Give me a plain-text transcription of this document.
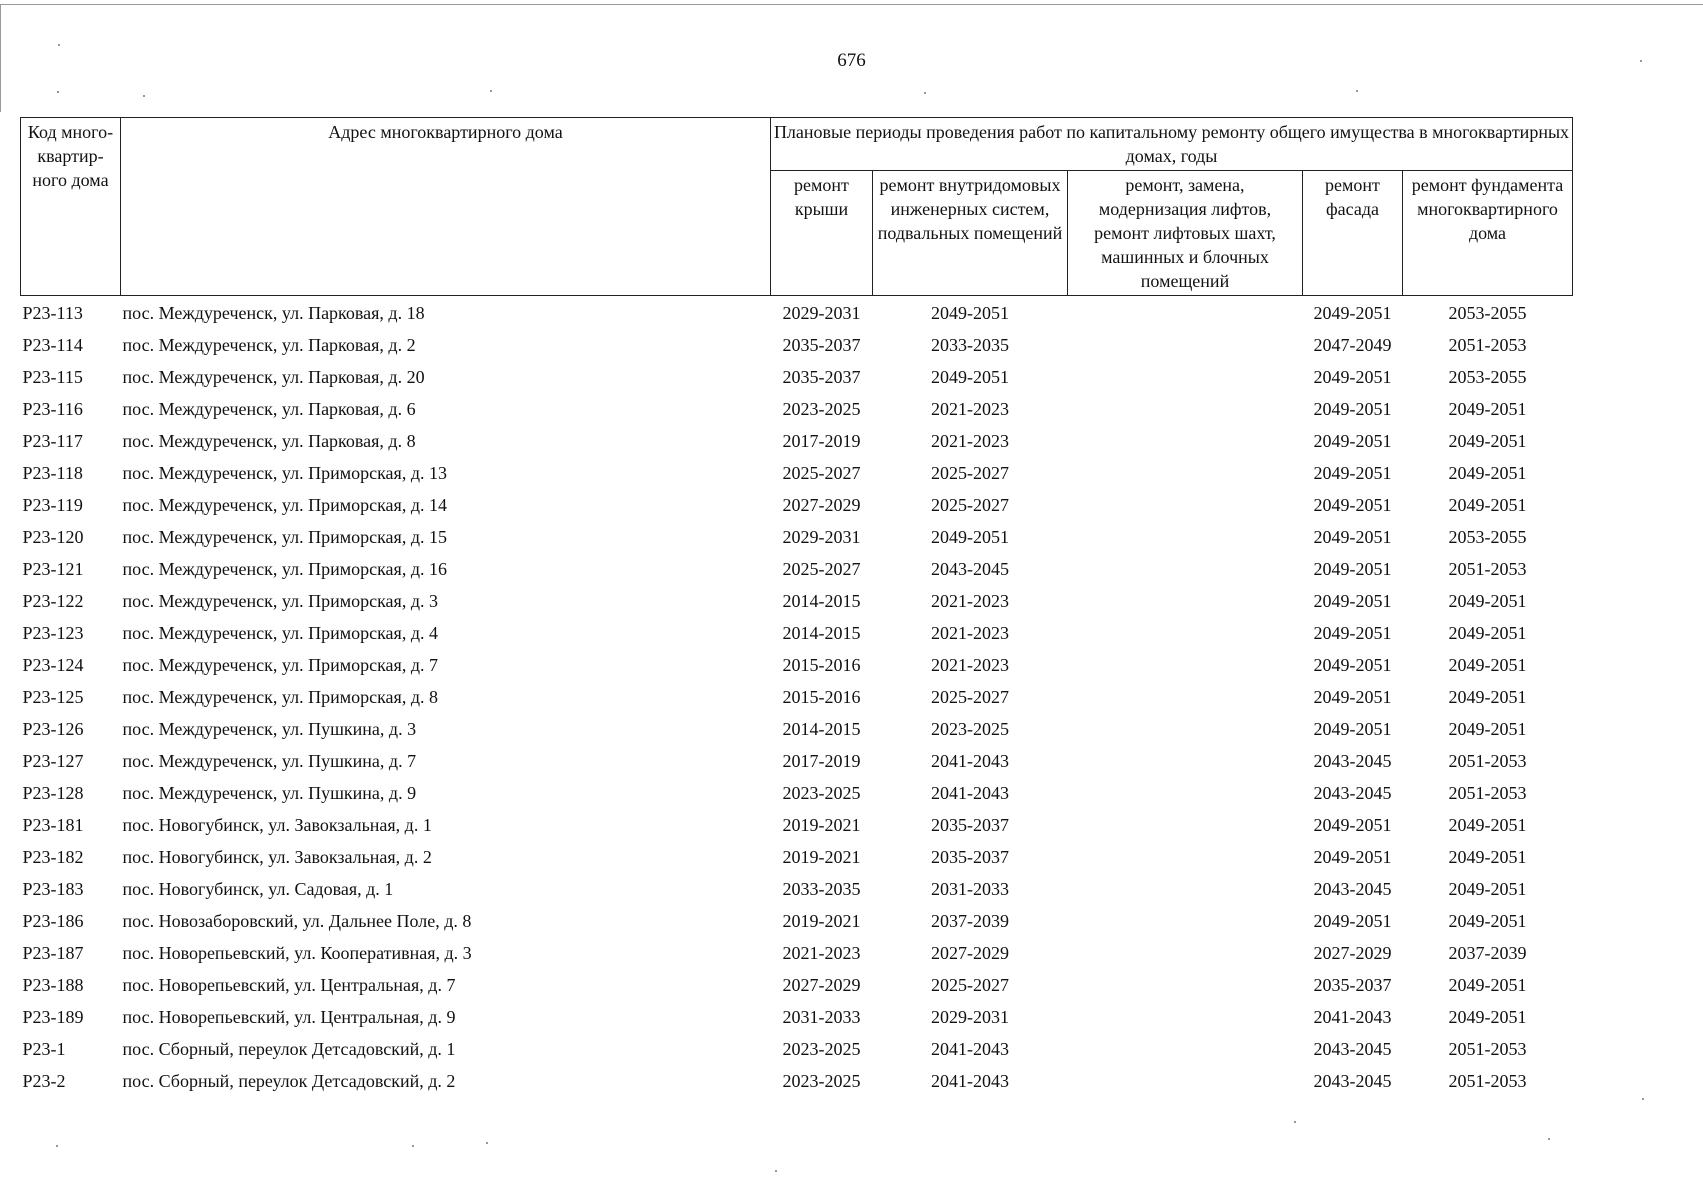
676
Код много-квартир-ного дома	Адрес многоквартирного дома	Плановые периоды проведения работ по капитальному ремонту общего имущества в многоквартирных домах, годы				
		ремонт крыши	ремонт внутридомовых инженерных систем, подвальных помещений	ремонт, замена, модернизация лифтов, ремонт лифтовых шахт, машинных и блочных помещений	ремонт фасада	ремонт фундамента многоквартирного дома
Р23-113	пос. Междуреченск, ул. Парковая, д. 18	2029-2031	2049-2051		2049-2051	2053-2055
Р23-114	пос. Междуреченск, ул. Парковая, д. 2	2035-2037	2033-2035		2047-2049	2051-2053
Р23-115	пос. Междуреченск, ул. Парковая, д. 20	2035-2037	2049-2051		2049-2051	2053-2055
Р23-116	пос. Междуреченск, ул. Парковая, д. 6	2023-2025	2021-2023		2049-2051	2049-2051
Р23-117	пос. Междуреченск, ул. Парковая, д. 8	2017-2019	2021-2023		2049-2051	2049-2051
Р23-118	пос. Междуреченск, ул. Приморская, д. 13	2025-2027	2025-2027		2049-2051	2049-2051
Р23-119	пос. Междуреченск, ул. Приморская, д. 14	2027-2029	2025-2027		2049-2051	2049-2051
Р23-120	пос. Междуреченск, ул. Приморская, д. 15	2029-2031	2049-2051		2049-2051	2053-2055
Р23-121	пос. Междуреченск, ул. Приморская, д. 16	2025-2027	2043-2045		2049-2051	2051-2053
Р23-122	пос. Междуреченск, ул. Приморская, д. 3	2014-2015	2021-2023		2049-2051	2049-2051
Р23-123	пос. Междуреченск, ул. Приморская, д. 4	2014-2015	2021-2023		2049-2051	2049-2051
Р23-124	пос. Междуреченск, ул. Приморская, д. 7	2015-2016	2021-2023		2049-2051	2049-2051
Р23-125	пос. Междуреченск, ул. Приморская, д. 8	2015-2016	2025-2027		2049-2051	2049-2051
Р23-126	пос. Междуреченск, ул. Пушкина, д. 3	2014-2015	2023-2025		2049-2051	2049-2051
Р23-127	пос. Междуреченск, ул. Пушкина, д. 7	2017-2019	2041-2043		2043-2045	2051-2053
Р23-128	пос. Междуреченск, ул. Пушкина, д. 9	2023-2025	2041-2043		2043-2045	2051-2053
Р23-181	пос. Новогубинск, ул. Завокзальная, д. 1	2019-2021	2035-2037		2049-2051	2049-2051
Р23-182	пос. Новогубинск, ул. Завокзальная, д. 2	2019-2021	2035-2037		2049-2051	2049-2051
Р23-183	пос. Новогубинск, ул. Садовая, д. 1	2033-2035	2031-2033		2043-2045	2049-2051
Р23-186	пос. Новозаборовский, ул. Дальнее Поле, д. 8	2019-2021	2037-2039		2049-2051	2049-2051
Р23-187	пос. Новорепьевский, ул. Кооперативная, д. 3	2021-2023	2027-2029		2027-2029	2037-2039
Р23-188	пос. Новорепьевский, ул. Центральная, д. 7	2027-2029	2025-2027		2035-2037	2049-2051
Р23-189	пос. Новорепьевский, ул. Центральная, д. 9	2031-2033	2029-2031		2041-2043	2049-2051
Р23-1	пос. Сборный, переулок Детсадовский, д. 1	2023-2025	2041-2043		2043-2045	2051-2053
Р23-2	пос. Сборный, переулок Детсадовский, д. 2	2023-2025	2041-2043		2043-2045	2051-2053
